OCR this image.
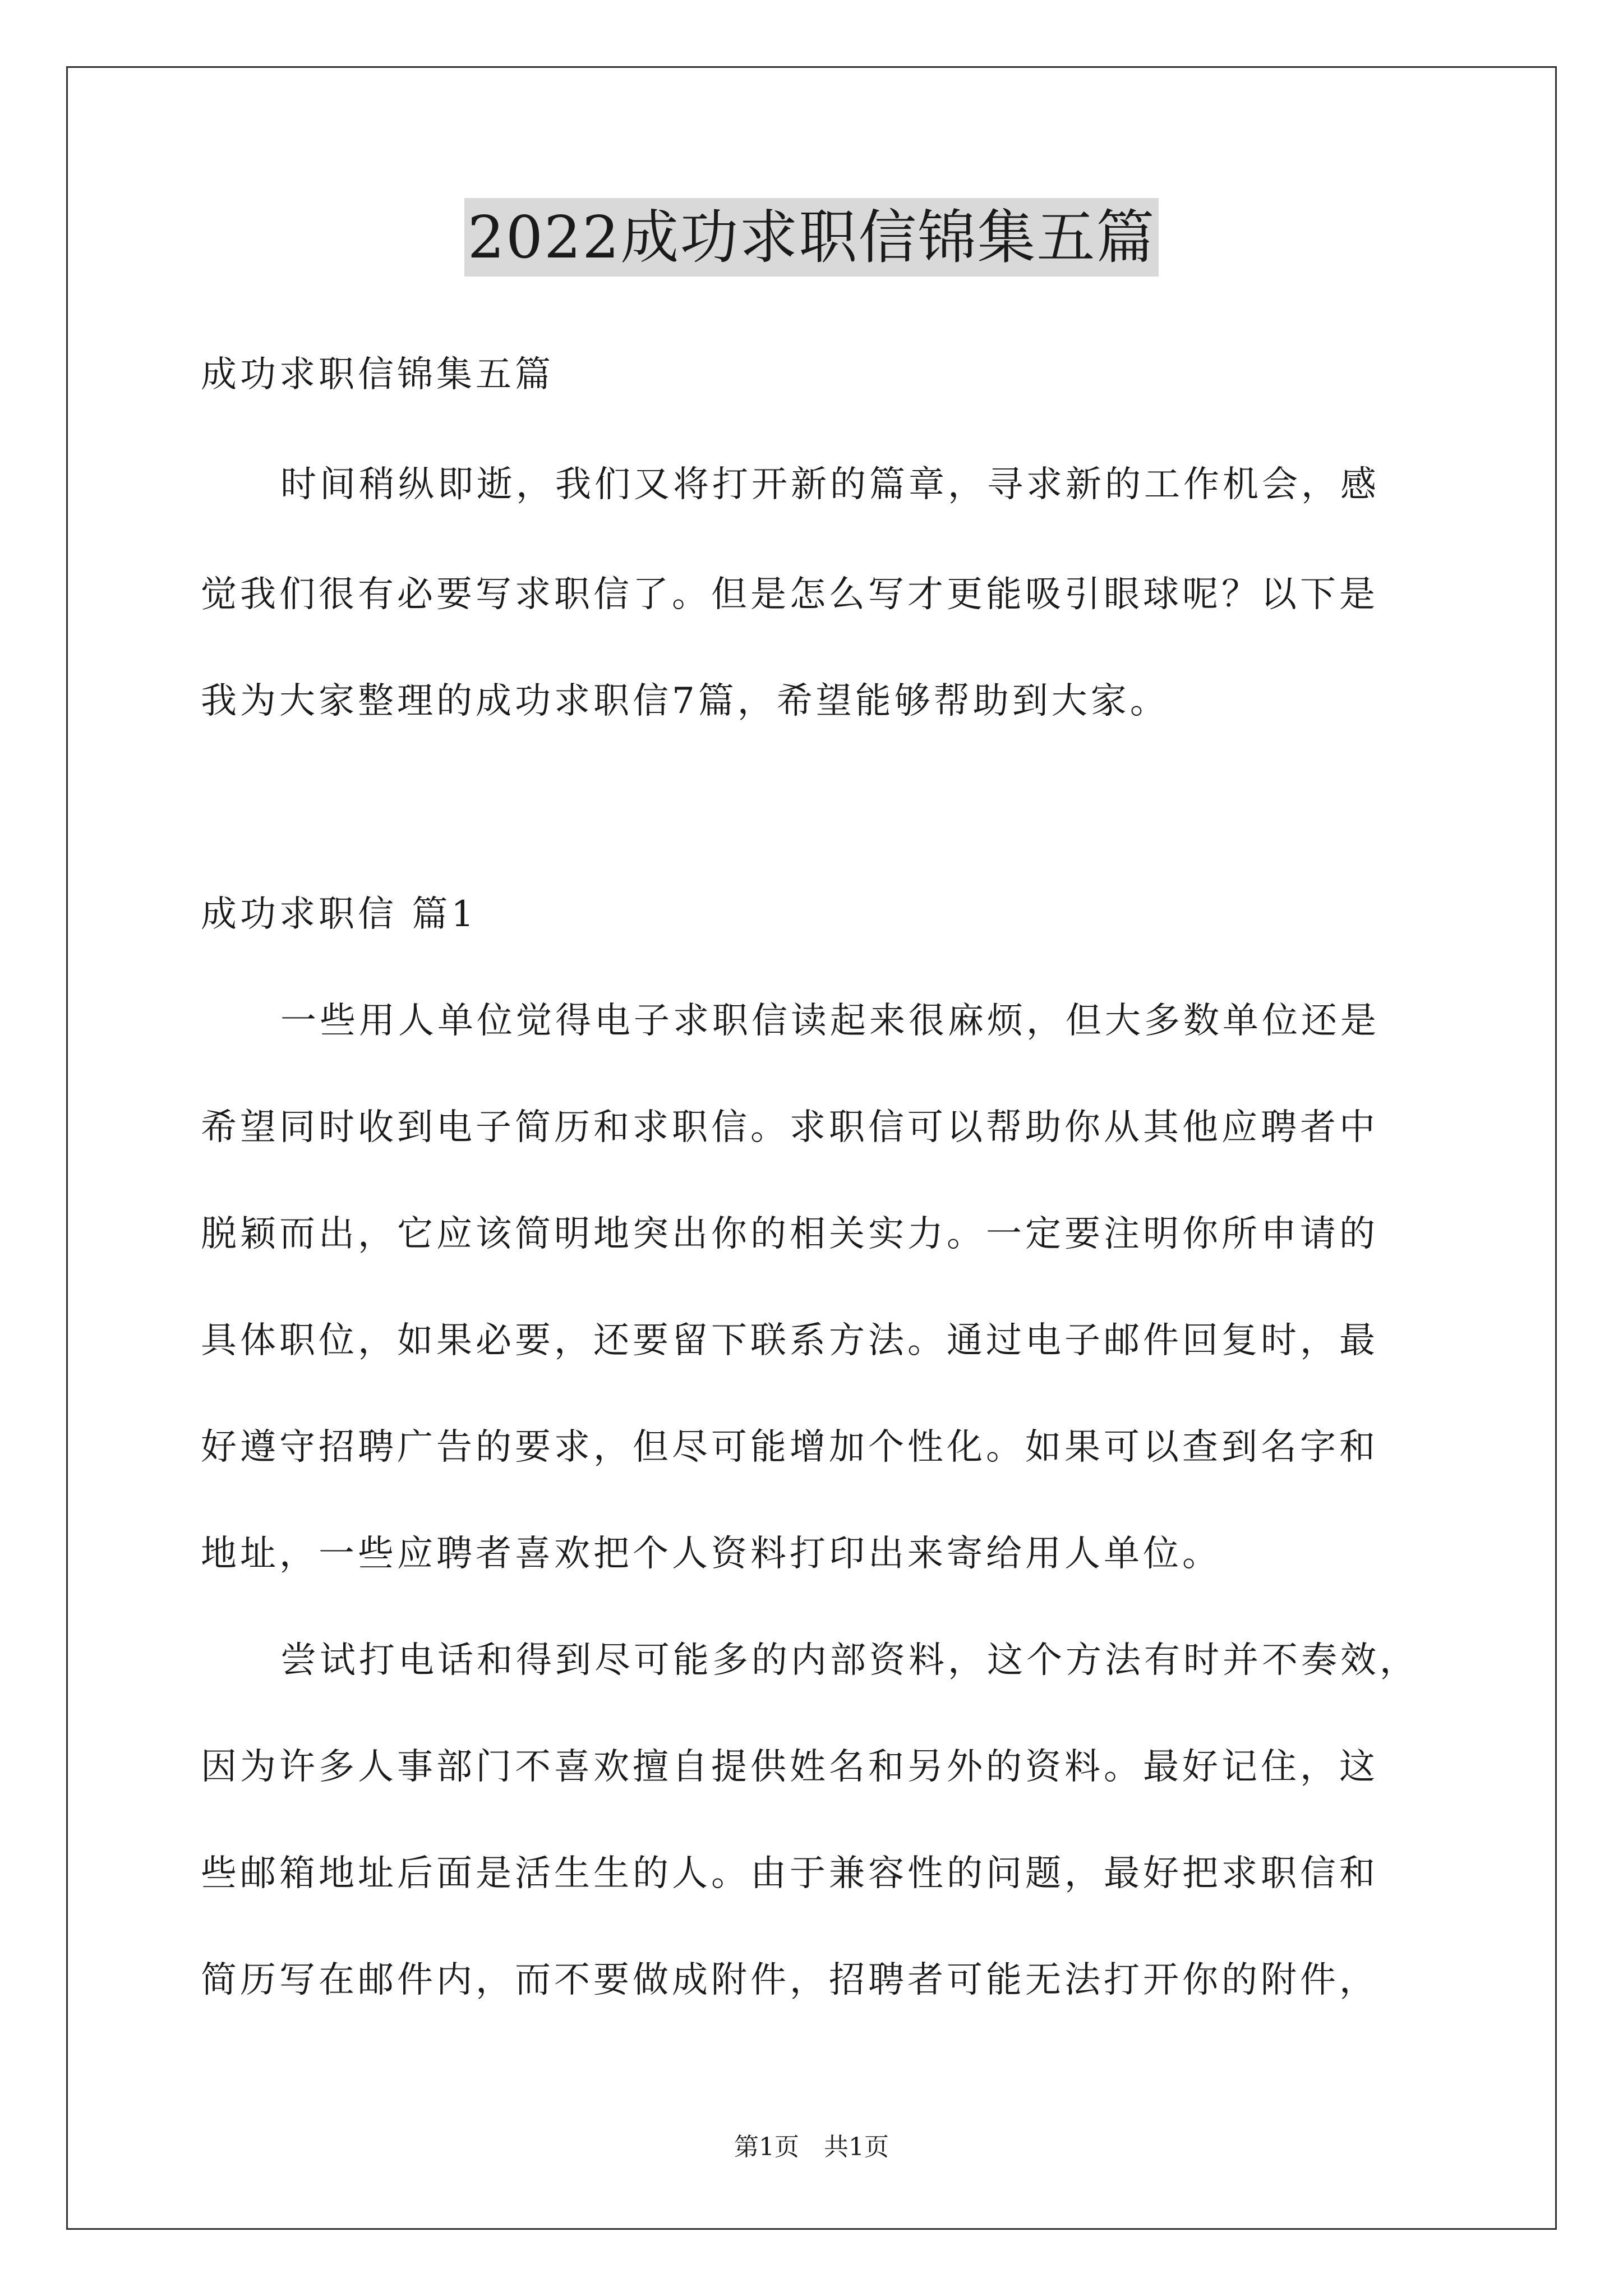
2022成功求职信锦集五篇
成功求职信锦集五篇
时间稍纵即逝，我们又将打开新的篇章，寻求新的工作机会，感
觉我们很有必要写求职信了。但是怎么写才更能吸引眼球呢？以下是
我为大家整理的成功求职信7篇，希望能够帮助到大家。
成功求职信 篇1
一些用人单位觉得电子求职信读起来很麻烦，但大多数单位还是
希望同时收到电子简历和求职信。求职信可以帮助你从其他应聘者中
脱颖而出，它应该简明地突出你的相关实力。一定要注明你所申请的
具体职位，如果必要，还要留下联系方法。通过电子邮件回复时，最
好遵守招聘广告的要求，但尽可能增加个性化。如果可以查到名字和
地址，一些应聘者喜欢把个人资料打印出来寄给用人单位。
尝试打电话和得到尽可能多的内部资料，这个方法有时并不奏效，
因为许多人事部门不喜欢擅自提供姓名和另外的资料。最好记住，这
些邮箱地址后面是活生生的人。由于兼容性的问题，最好把求职信和
简历写在邮件内，而不要做成附件，招聘者可能无法打开你的附件，
第1页　共1页
